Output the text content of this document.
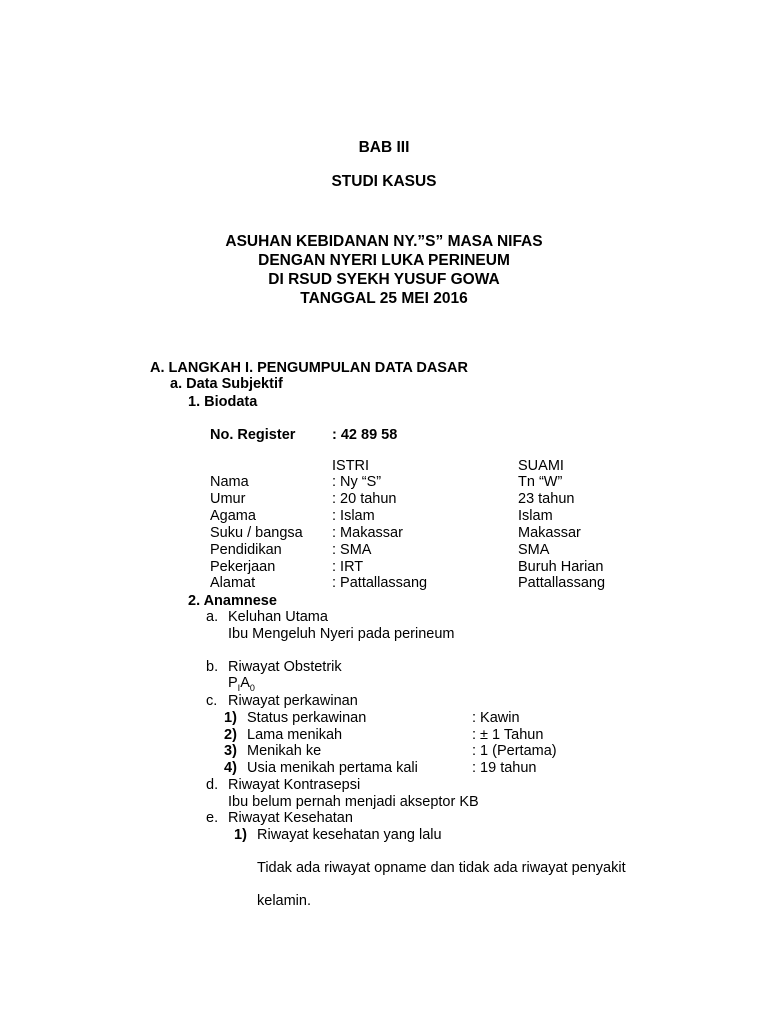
BAB III
STUDI KASUS
ASUHAN KEBIDANAN NY.”S” MASA NIFAS
DENGAN NYERI LUKA PERINEUM
DI RSUD SYEKH YUSUF GOWA
TANGGAL 25 MEI 2016
A. LANGKAH I. PENGUMPULAN DATA DASAR
a. Data Subjektif
1. Biodata
No. Register	: 42 89 58
ISTRI	SUAMI
Nama	: Ny “S”	Tn “W”
Umur	: 20 tahun	23 tahun
Agama	: Islam	Islam
Suku / bangsa : Makassar	Makassar
Pendidikan	: SMA	SMA
Pekerjaan	: IRT	Buruh Harian
Alamat	: Pattallassang	Pattallassang
2. Anamnese
a. Keluhan Utama
Ibu Mengeluh Nyeri pada perineum
b. Riwayat Obstetrik
$P_IA_0$
c. Riwayat perkawinan
1) Status perkawinan	: Kawin
2) Lama menikah	: ± 1 Tahun
3) Menikah ke	: 1 (Pertama)
4) Usia menikah pertama kali	: 19 tahun
d. Riwayat Kontrasepsi
Ibu belum pernah menjadi akseptor KB
e. Riwayat Kesehatan
1) Riwayat kesehatan yang lalu
Tidak ada riwayat opname dan tidak ada riwayat penyakit
kelamin.
